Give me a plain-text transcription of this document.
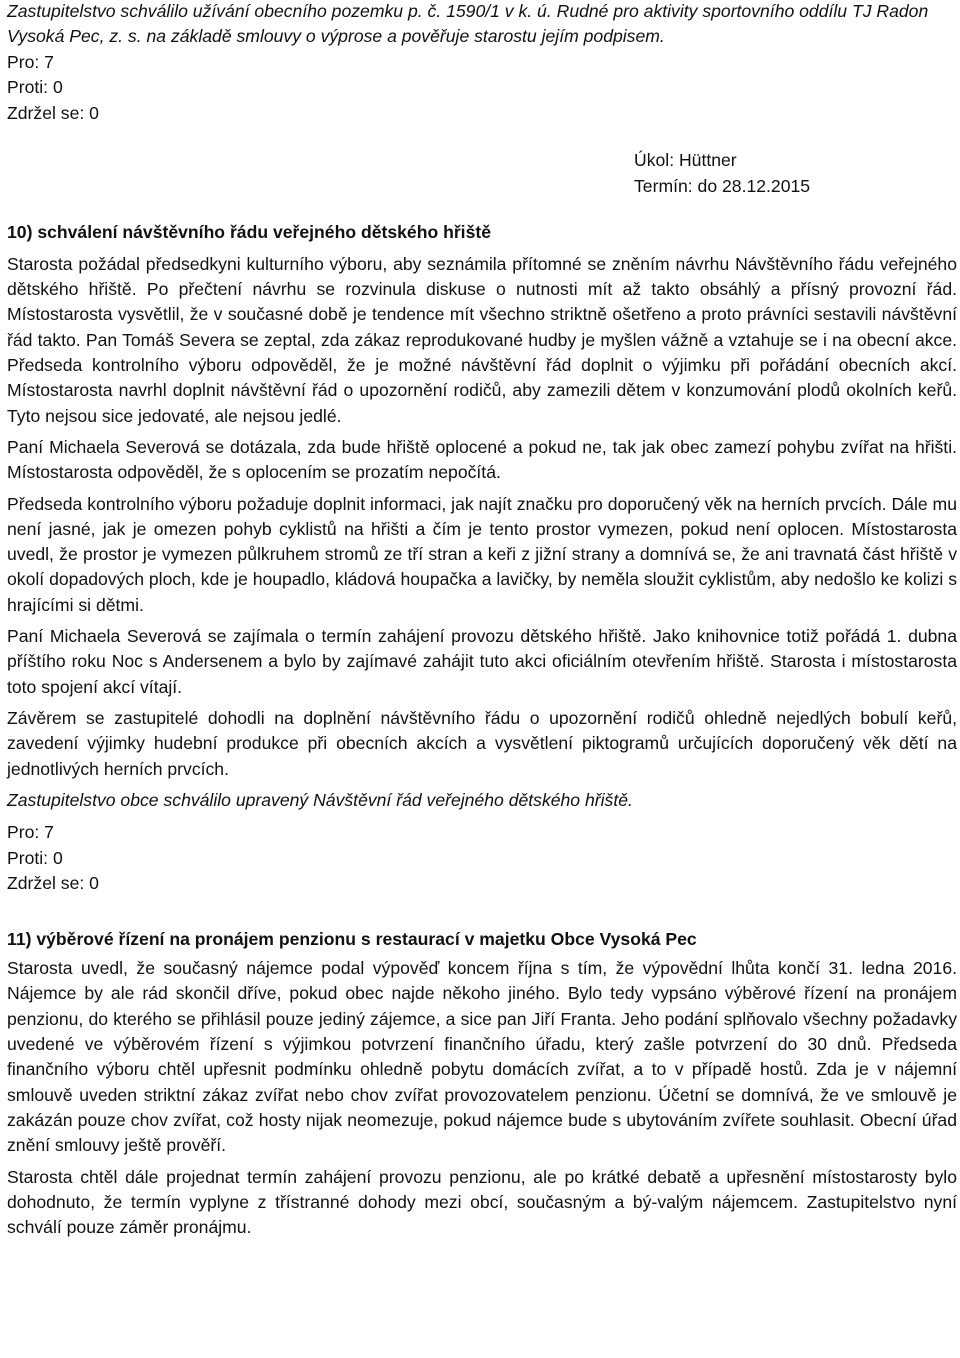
Zastupitelstvo schválilo užívání obecního pozemku p. č. 1590/1 v k. ú. Rudné pro aktivity sportovního oddílu TJ Radon Vysoká Pec, z. s. na základě smlouvy o výprose a pověřuje starostu jejím podpisem.

Pro: 7

Proti: 0

Zdržel se: 0

Úkol: Hüttner

Termín: do 28.12.2015

10) schválení návštěvního řádu veřejného dětského hřiště

Starosta požádal předsedkyni kulturního výboru, aby seznámila přítomné se zněním návrhu Návštěvního řádu veřejného dětského hřiště. Po přečtení návrhu se rozvinula diskuse o nutnosti mít až takto obsáhlý a přísný provozní řád. Místostarosta vysvětlil, že v současné době je tendence mít všechno striktně ošetřeno a proto právníci sestavili návštěvní řád takto. Pan Tomáš Severa se zeptal, zda zákaz reprodukované hudby je myšlen vážně a vztahuje se i na obecní akce. Předseda kontrolního výboru odpověděl, že je možné návštěvní řád doplnit o výjimku při pořádání obecních akcí. Místostarosta navrhl doplnit návštěvní řád o upozornění rodičů, aby zamezili dětem v konzumování plodů okolních keřů. Tyto nejsou sice jedovaté, ale nejsou jedlé.

Paní Michaela Severová se dotázala, zda bude hřiště oplocené a pokud ne, tak jak obec zamezí pohybu zvířat na hřišti. Místostarosta odpověděl, že s oplocením se prozatím nepočítá.

Předseda kontrolního výboru požaduje doplnit informaci, jak najít značku pro doporučený věk na herních prvcích. Dále mu není jasné, jak je omezen pohyb cyklistů na hřišti a čím je tento prostor vymezen, pokud není oplocen. Místostarosta uvedl, že prostor je vymezen půlkruhem stromů ze tří stran a keři z jižní strany a domnívá se, že ani travnatá část hřiště v okolí dopadových ploch, kde je houpadlo, kládová houpačka a lavičky, by neměla sloužit cyklistům, aby nedošlo ke kolizi s hrajícími si dětmi.

Paní Michaela Severová se zajímala o termín zahájení provozu dětského hřiště. Jako knihovnice totiž pořádá 1. dubna příštího roku Noc s Andersenem a bylo by zajímavé zahájit tuto akci oficiálním otevřením hřiště. Starosta i místostarosta toto spojení akcí vítají.

Závěrem se zastupitelé dohodli na doplnění návštěvního řádu o upozornění rodičů ohledně nejedlých bobulí keřů, zavedení výjimky hudební produkce při obecních akcích a vysvětlení piktogramů určujících doporučený věk dětí na jednotlivých herních prvcích.

Zastupitelstvo obce schválilo upravený Návštěvní řád veřejného dětského hřiště.

Pro: 7

Proti: 0

Zdržel se: 0

11) výběrové řízení na pronájem penzionu s restaurací v majetku Obce Vysoká Pec

Starosta uvedl, že současný nájemce podal výpověď koncem října s tím, že výpovědní lhůta končí 31. ledna 2016. Nájemce by ale rád skončil dříve, pokud obec najde někoho jiného. Bylo tedy vypsáno výběrové řízení na pronájem penzionu, do kterého se přihlásil pouze jediný zájemce, a sice pan Jiří Franta. Jeho podání splňovalo všechny požadavky uvedené ve výběrovém řízení s výjimkou potvrzení finančního úřadu, který zašle potvrzení do 30 dnů. Předseda finančního výboru chtěl upřesnit podmínku ohledně pobytu domácích zvířat, a to v případě hostů. Zda je v nájemní smlouvě uveden striktní zákaz zvířat nebo chov zvířat provozovatelem penzionu. Účetní se domnívá, že ve smlouvě je zakázán pouze chov zvířat, což hosty nijak neomezuje, pokud nájemce bude s ubytováním zvířete souhlasit. Obecní úřad znění smlouvy ještě prověří.

Starosta chtěl dále projednat termín zahájení provozu penzionu, ale po krátké debatě a upřesnění místostarosty bylo dohodnuto, že termín vyplyne z třístranné dohody mezi obcí, současným a bý-valým nájemcem. Zastupitelstvo nyní schválí pouze záměr pronájmu.
